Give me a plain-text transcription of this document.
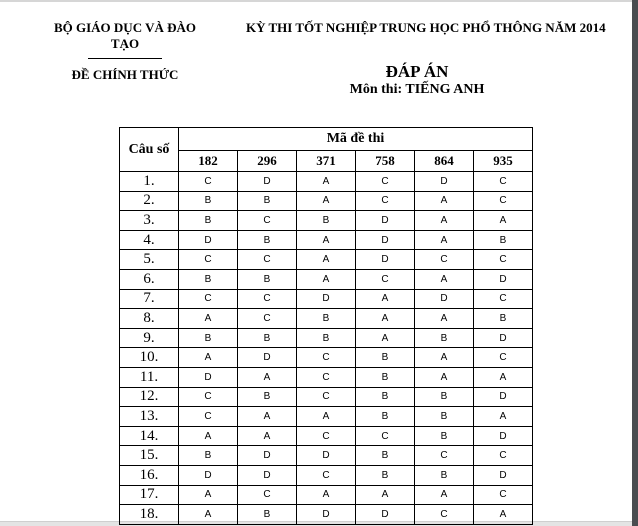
BỘ GIÁO DỤC VÀ ĐÀO TẠO
ĐỀ CHÍNH THỨC
KỲ THI TỐT NGHIỆP TRUNG HỌC PHỔ THÔNG NĂM 2014
ĐÁP ÁN
Môn thi: TIẾNG ANH
Câu số	Mã đề thi					
	182	296	371	758	864	935
1.	C	D	A	C	D	C
2.	B	B	A	C	A	C
3.	B	C	B	D	A	A
4.	D	B	A	D	A	B
5.	C	C	A	D	C	C
6.	B	B	A	C	A	D
7.	C	C	D	A	D	C
8.	A	C	B	A	A	B
9.	B	B	B	A	B	D
10.	A	D	C	B	A	C
11.	D	A	C	B	A	A
12.	C	B	C	B	B	D
13.	C	A	A	B	B	A
14.	A	A	C	C	B	D
15.	B	D	D	B	C	C
16.	D	D	C	B	B	D
17.	A	C	A	A	A	C
18.	A	B	D	D	C	A
